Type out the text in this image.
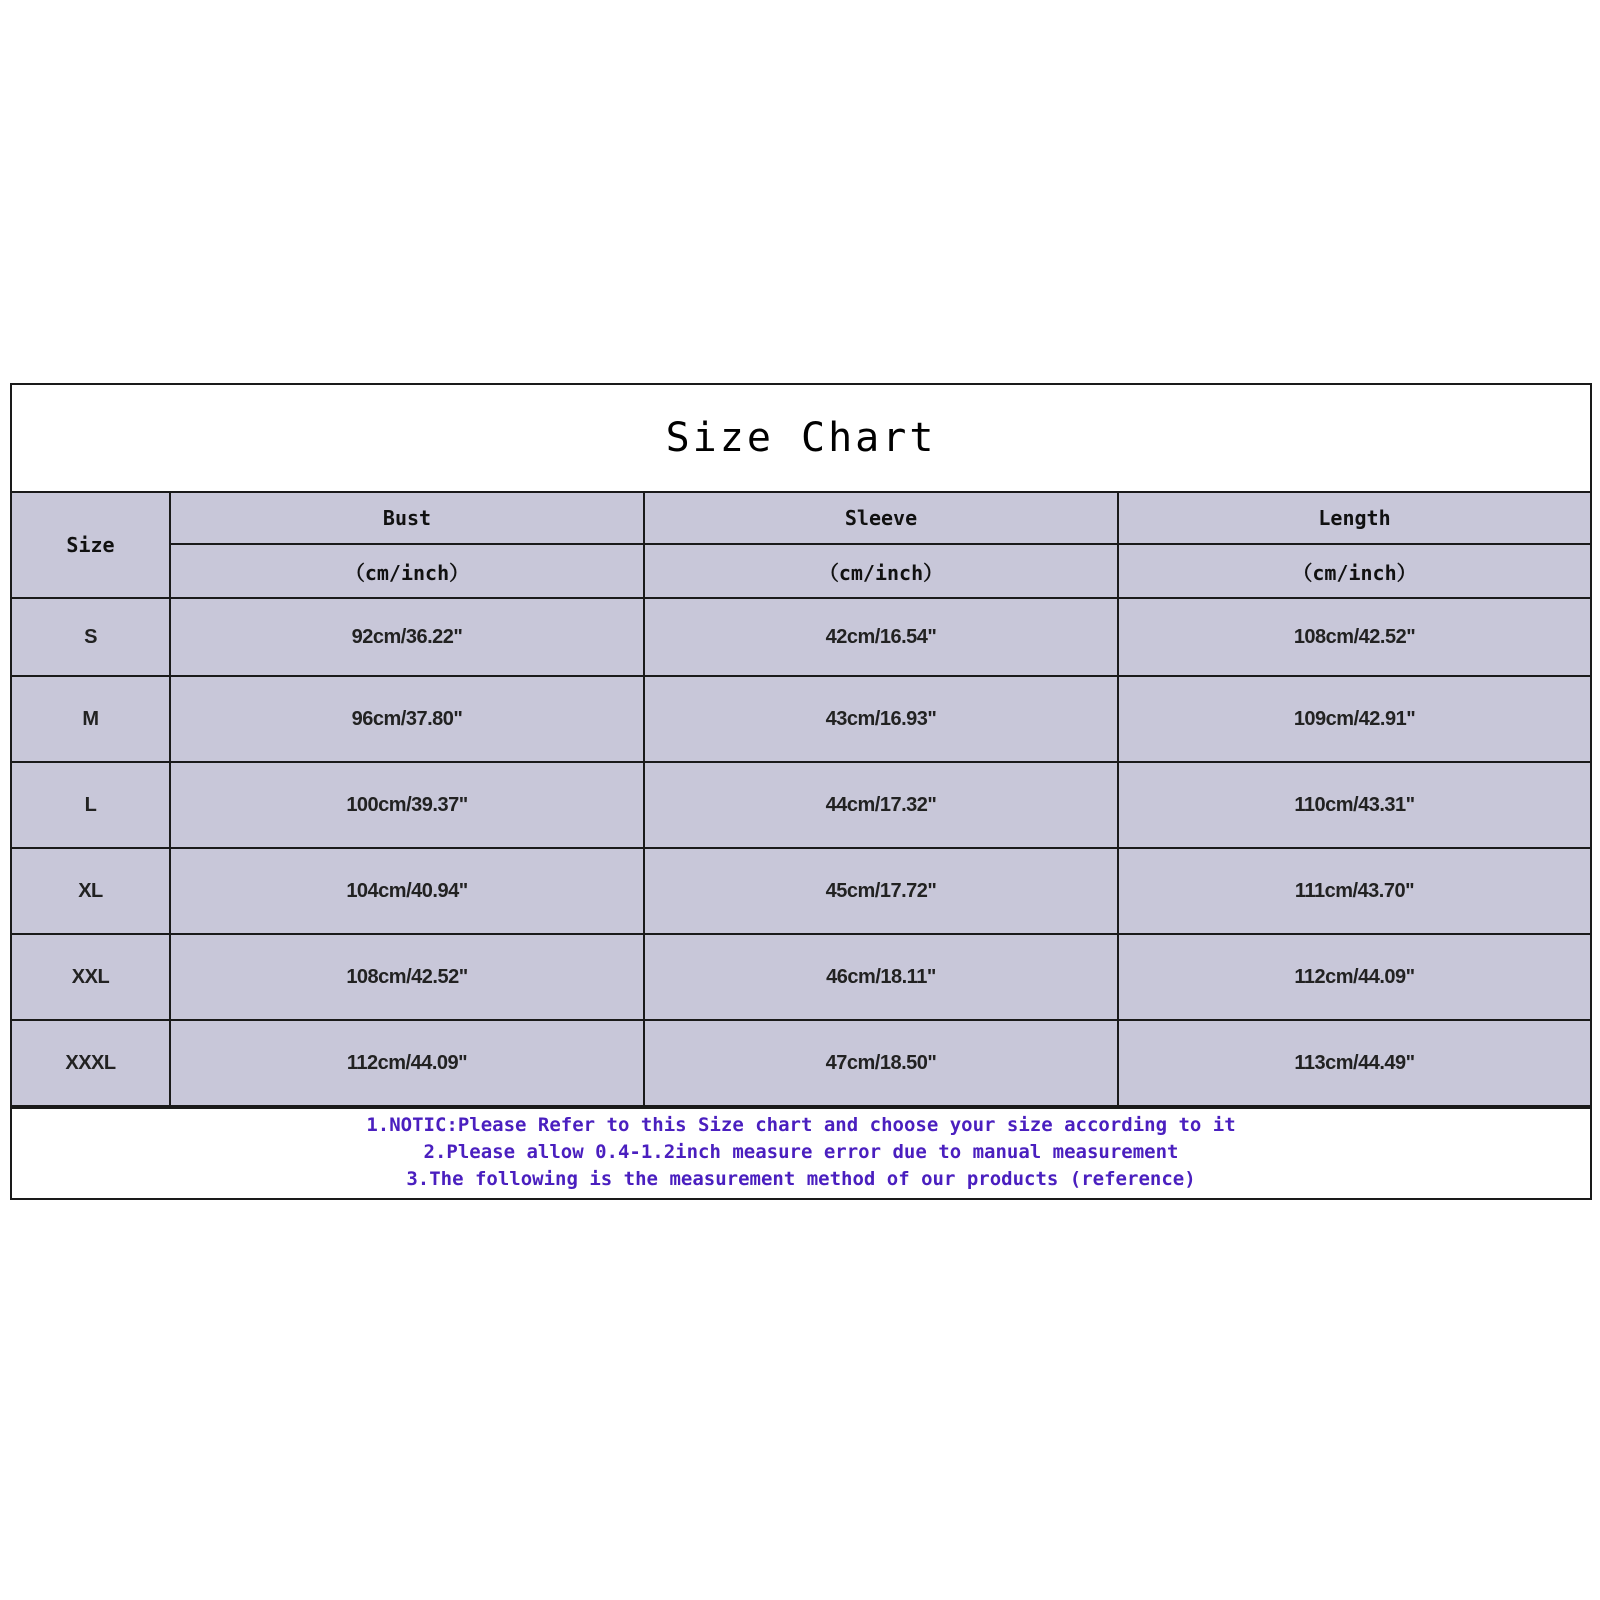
Size Chart
Size	Bust	Sleeve	Length
	（cm/inch）	（cm/inch）	（cm/inch）
S	92cm/36.22"	42cm/16.54"	108cm/42.52"
M	96cm/37.80"	43cm/16.93"	109cm/42.91"
L	100cm/39.37"	44cm/17.32"	110cm/43.31"
XL	104cm/40.94"	45cm/17.72"	111cm/43.70"
XXL	108cm/42.52"	46cm/18.11"	112cm/44.09"
XXXL	112cm/44.09"	47cm/18.50"	113cm/44.49"
1.NOTIC:Please Refer to this Size chart and choose your size according to it
2.Please allow 0.4-1.2inch measure error due to manual measurement
3.The following is the measurement method of our products (reference)
